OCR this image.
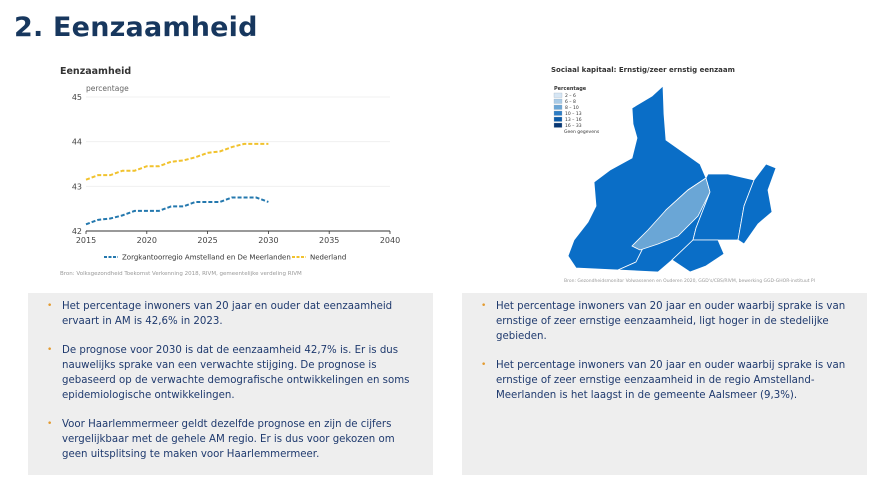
2. Eenzaamheid
Eenzaamheid
percentage
2015	2020	2025	2030	2035	2040
42
43
44
45
Zorgkantoorregio Amstelland en De Meerlanden	Nederland
Bron: Volksgezondheid Toekomst Verkenning 2018, RIVM, gemeentelijke verdeling RIVM
Sociaal kapitaal: Ernstig/zeer ernstig eenzaam
Percentage
2 – 6
6 – 8
8 – 10
10 – 13
13 – 16
16 – 33
Geen gegevens
Bron: Gezondheidsmonitor Volwassenen en Ouderen 2020, GGD's/CBS/RIVM, bewerking GGD-GHOR-instituut PI
• Het percentage inwoners van 20 jaar en ouder dat eenzaamheid ervaart in AM is 42,6% in 2023.
• De prognose voor 2030 is dat de eenzaamheid 42,7% is. Er is dus nauwelijks sprake van een verwachte stijging. De prognose is gebaseerd op de verwachte demografische ontwikkelingen en soms epidemiologische ontwikkelingen.
• Voor Haarlemmermeer geldt dezelfde prognose en zijn de cijfers vergelijkbaar met de gehele AM regio. Er is dus voor gekozen om geen uitsplitsing te maken voor Haarlemmermeer.
• Het percentage inwoners van 20 jaar en ouder waarbij sprake is van ernstige of zeer ernstige eenzaamheid, ligt hoger in de stedelijke gebieden.
• Het percentage inwoners van 20 jaar en ouder waarbij sprake is van ernstige of zeer ernstige eenzaamheid in de regio Amstelland-Meerlanden is het laagst in de gemeente Aalsmeer (9,3%).
